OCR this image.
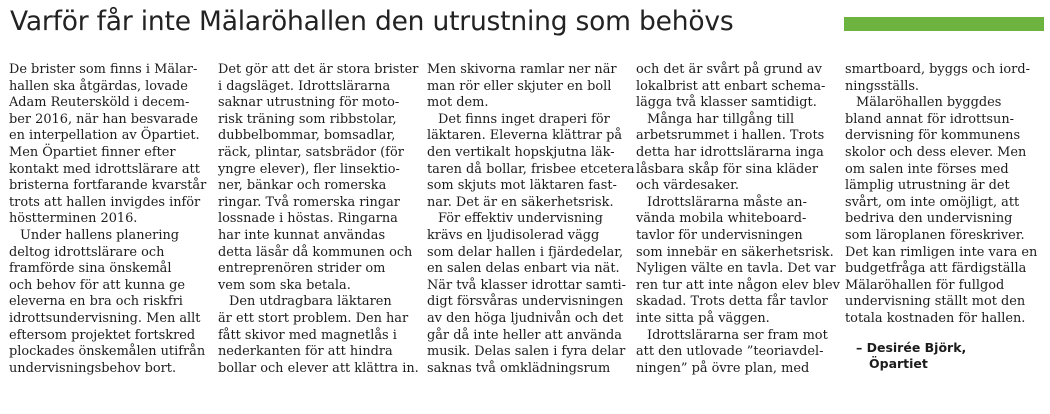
Varför får inte Mälaröhallen den utrustning som behövs
De brister som finns i Mälar-
hallen ska åtgärdas, lovade
Adam Reutersköld i decem-
ber 2016, när han besvarade
en interpellation av Öpartiet.
Men Öpartiet finner efter
kontakt med idrottslärare att
bristerna fortfarande kvarstår
trots att hallen invigdes inför
höstterminen 2016.
Under hallens planering
deltog idrottslärare och
framförde sina önskemål
och behov för att kunna ge
eleverna en bra och riskfri
idrottsundervisning. Men allt
eftersom projektet fortskred
plockades önskemålen utifrån
undervisningsbehov bort.
Det gör att det är stora brister
i dagsläget. Idrottslärarna
saknar utrustning för moto-
risk träning som ribbstolar,
dubbelbommar, bomsadlar,
räck, plintar, satsbrädor (för
yngre elever), fler linsektio-
ner, bänkar och romerska
ringar. Två romerska ringar
lossnade i höstas. Ringarna
har inte kunnat användas
detta läsår då kommunen och
entreprenören strider om
vem som ska betala.
Den utdragbara läktaren
är ett stort problem. Den har
fått skivor med magnetlås i
nederkanten för att hindra
bollar och elever att klättra in.
Men skivorna ramlar ner när
man rör eller skjuter en boll
mot dem.
Det finns inget draperi för
läktaren. Eleverna klättrar på
den vertikalt hopskjutna läk-
taren då bollar, frisbee etcetera
som skjuts mot läktaren fast-
nar. Det är en säkerhetsrisk.
För effektiv undervisning
krävs en ljudisolerad vägg
som delar hallen i fjärdedelar,
en salen delas enbart via nät.
När två klasser idrottar samti-
digt försvåras undervisningen
av den höga ljudnivån och det
går då inte heller att använda
musik. Delas salen i fyra delar
saknas två omklädningsrum
och det är svårt på grund av
lokalbrist att enbart schema-
lägga två klasser samtidigt.
Många har tillgång till
arbetsrummet i hallen. Trots
detta har idrottslärarna inga
låsbara skåp för sina kläder
och värdesaker.
Idrottslärarna måste an-
vända mobila whiteboard-
tavlor för undervisningen
som innebär en säkerhetsrisk.
Nyligen välte en tavla. Det var
ren tur att inte någon elev blev
skadad. Trots detta får tavlor
inte sitta på väggen.
Idrottslärarna ser fram mot
att den utlovade ”teoriavdel-
ningen” på övre plan, med
smartboard, byggs och iord-
ningsställs.
Mälaröhallen byggdes
bland annat för idrottsun-
dervisning för kommunens
skolor och dess elever. Men
om salen inte förses med
lämplig utrustning är det
svårt, om inte omöjligt, att
bedriva den undervisning
som läroplanen föreskriver.
Det kan rimligen inte vara en
budgetfråga att färdigställa
Mälaröhallen för fullgod
undervisning ställt mot den
totala kostnaden för hallen.
– Desirée Björk,
Öpartiet
